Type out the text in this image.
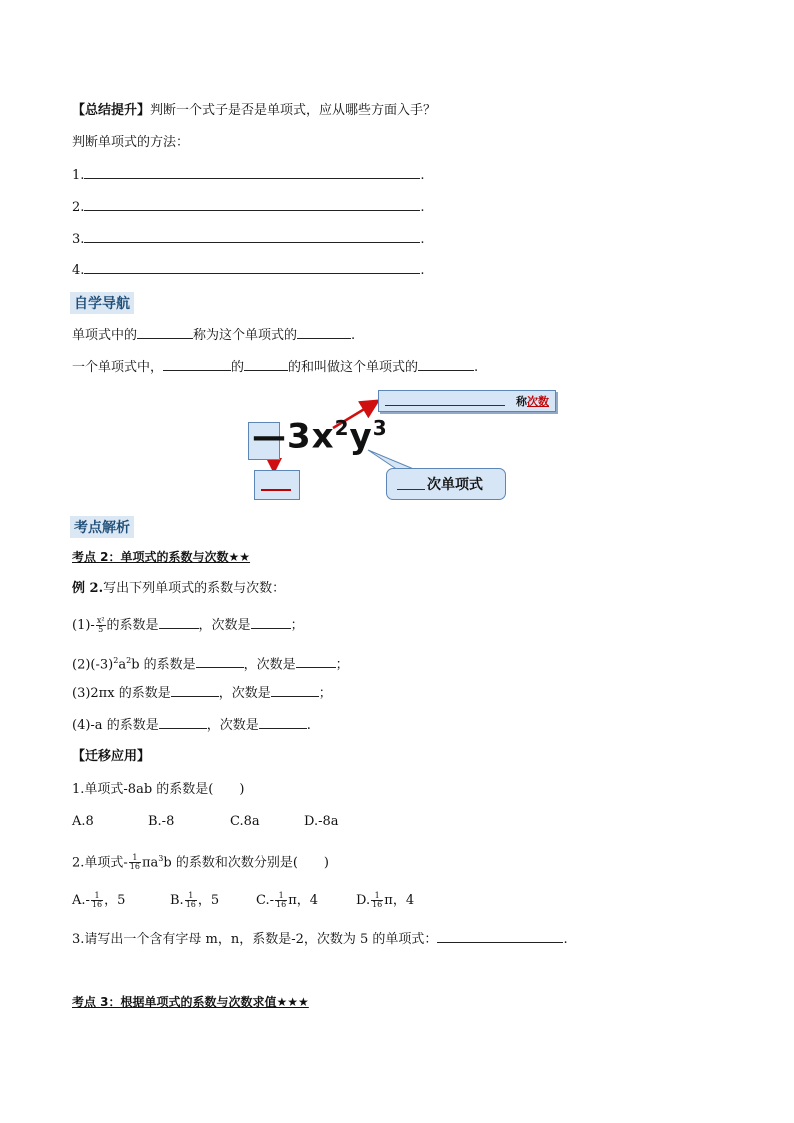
【总结提升】判断一个式子是否是单项式，应从哪些方面入手？
判断单项式的方法：
1.	.
2.	.
3.	.
4.	.
自学导航
单项式中的	称为这个单项式的	.
一个单项式中，	的	的和叫做这个单项式的	.
$—3x^2y^3$
称次数
次单项式
考点解析
考点 2：单项式的系数与次数★★
例 2.写出下列单项式的系数与次数：
$(1)- \frac{\text{x²}}{5}$ 的系数是	，次数是	；
$(2)(-3)^2a^2b$ 的系数是	，次数是	；
(3)2πx 的系数是	，次数是	；
(4)-a 的系数是	，次数是	.
【迁移应用】
1.单项式-8ab 的系数是(　　)
A.8	B.-8	C.8a	D.-8a
2.单项式- $\frac{1}{16} \pi a^3b$ 的系数和次数分别是(　　)
$A.- \frac{1}{16}$ ，5	B. $\frac{1}{16}$ ，5	$C.- \frac{1}{16}$ π，4	D. $\frac{1}{16}$ π，4
3.请写出一个含有字母 m，n，系数是-2，次数为 5 的单项式：	.
考点 3：根据单项式的系数与次数求值★★★
